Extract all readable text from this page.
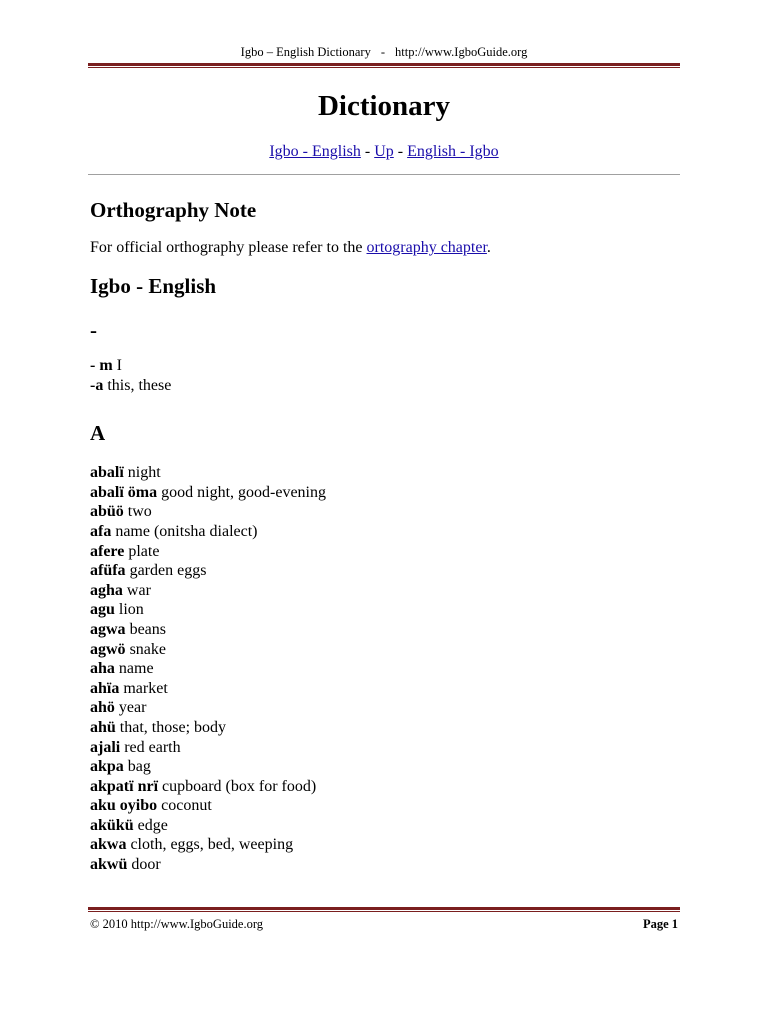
Igbo – English Dictionary - http://www.IgboGuide.org
Dictionary
Igbo - English - Up - English - Igbo
Orthography Note

For official orthography please refer to the ortography chapter.

Igbo - English
-
- m I
-a this, these
A
abalï night
abalï öma good night, good-evening
abüö two
afa name (onitsha dialect)
afere plate
afüfa garden eggs
agha war
agu lion
agwa beans
agwö snake
aha name
ahïa market
ahö year
ahü that, those; body
ajali red earth
akpa bag
akpatï nrï cupboard (box for food)
aku oyibo coconut
akükü edge
akwa cloth, eggs, bed, weeping
akwü door
© 2010 http://www.IgboGuide.org	Page 1
